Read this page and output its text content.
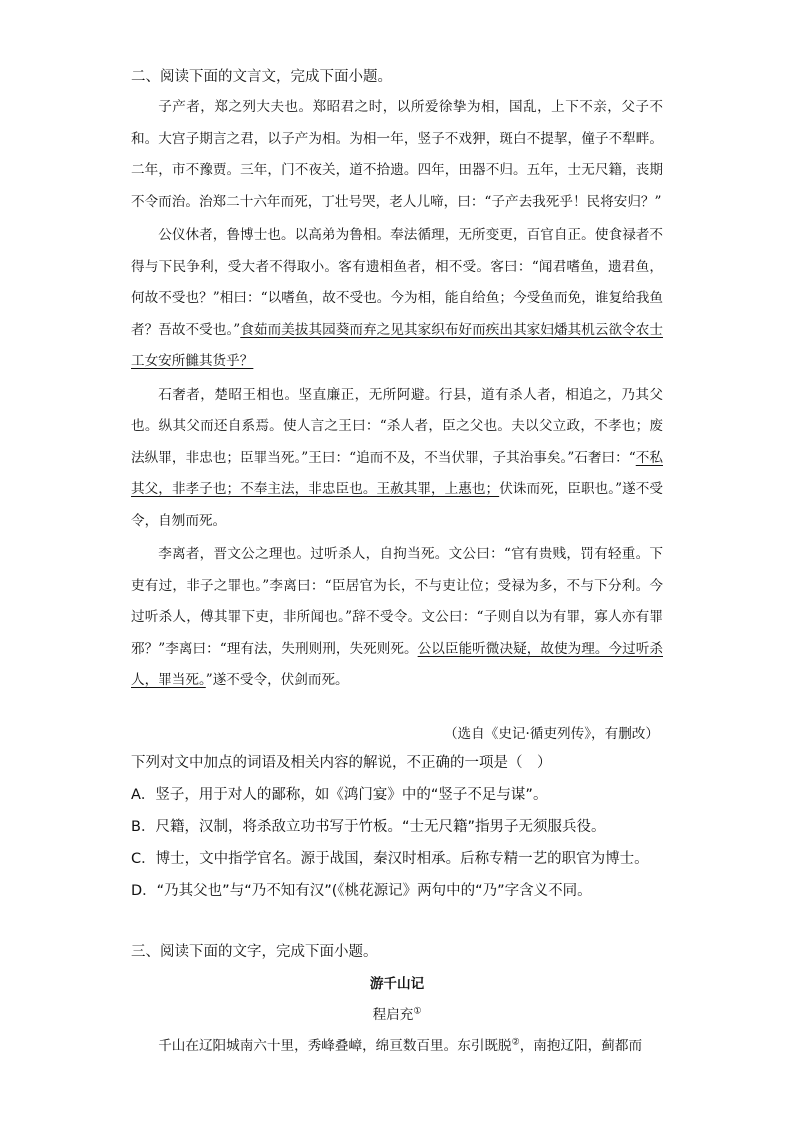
二、阅读下面的文言文，完成下面小题。

子产者，郑之列大夫也。郑昭君之时，以所爱徐挚为相，国乱，上下不亲，父子不和。大宫子期言之君，以子产为相。为相一年，竖子不戏狎，斑白不提挈，僮子不犁畔。二年，市不豫贾。三年，门不夜关，道不拾遗。四年，田器不归。五年，士无尺籍，丧期不令而治。治郑二十六年而死，丁壮号哭，老人儿啼，曰：“子产去我死乎！民将安归？”

公仪休者，鲁博士也。以高弟为鲁相。奉法循理，无所变更，百官自正。使食禄者不得与下民争利，受大者不得取小。客有遗相鱼者，相不受。客曰：“闻君嗜鱼，遗君鱼，何故不受也？”相曰：“以嗜鱼，故不受也。今为相，能自给鱼；今受鱼而免，谁复给我鱼者？吾故不受也。”食茹而美拔其园葵而弃之见其家织布好而疾出其家妇燔其机云欲令农士工女安所雠其货乎？

石奢者，楚昭王相也。坚直廉正，无所阿避。行县，道有杀人者，相追之，乃其父也。纵其父而还自系焉。使人言之王曰：“杀人者，臣之父也。夫以父立政，不孝也；废法纵罪，非忠也；臣罪当死。”王曰：“追而不及，不当伏罪，子其治事矣。”石奢曰：“不私其父，非孝子也；不奉主法，非忠臣也。王赦其罪，上惠也；伏诛而死，臣职也。”遂不受令，自刎而死。

李离者，晋文公之理也。过听杀人，自拘当死。文公曰：“官有贵贱，罚有轻重。下吏有过，非子之罪也。”李离曰：“臣居官为长，不与吏让位；受禄为多，不与下分利。今过听杀人，傅其罪下吏，非所闻也。”辞不受令。文公曰：“子则自以为有罪，寡人亦有罪邪？”李离曰：“理有法，失刑则刑，失死则死。公以臣能听微决疑，故使为理。今过听杀人，罪当死。”遂不受令，伏剑而死。

（选自《史记·循吏列传》，有删改）
下列对文中加点的词语及相关内容的解说，不正确的一项是（　）
A．竖子，用于对人的鄙称，如《鸿门宴》中的“竖子不足与谋”。
B．尺籍，汉制，将杀敌立功书写于竹板。“士无尺籍”指男子无须服兵役。
C．博士，文中指学官名。源于战国，秦汉时相承。后称专精一艺的职官为博士。
D．“乃其父也”与“乃不知有汉”(《桃花源记》两句中的“乃”字含义不同。
三、阅读下面的文字，完成下面小题。
游千山记
程启充①
千山在辽阳城南六十里，秀峰叠嶂，绵亘数百里。东引既脱②，南抱辽阳，蓟都而
